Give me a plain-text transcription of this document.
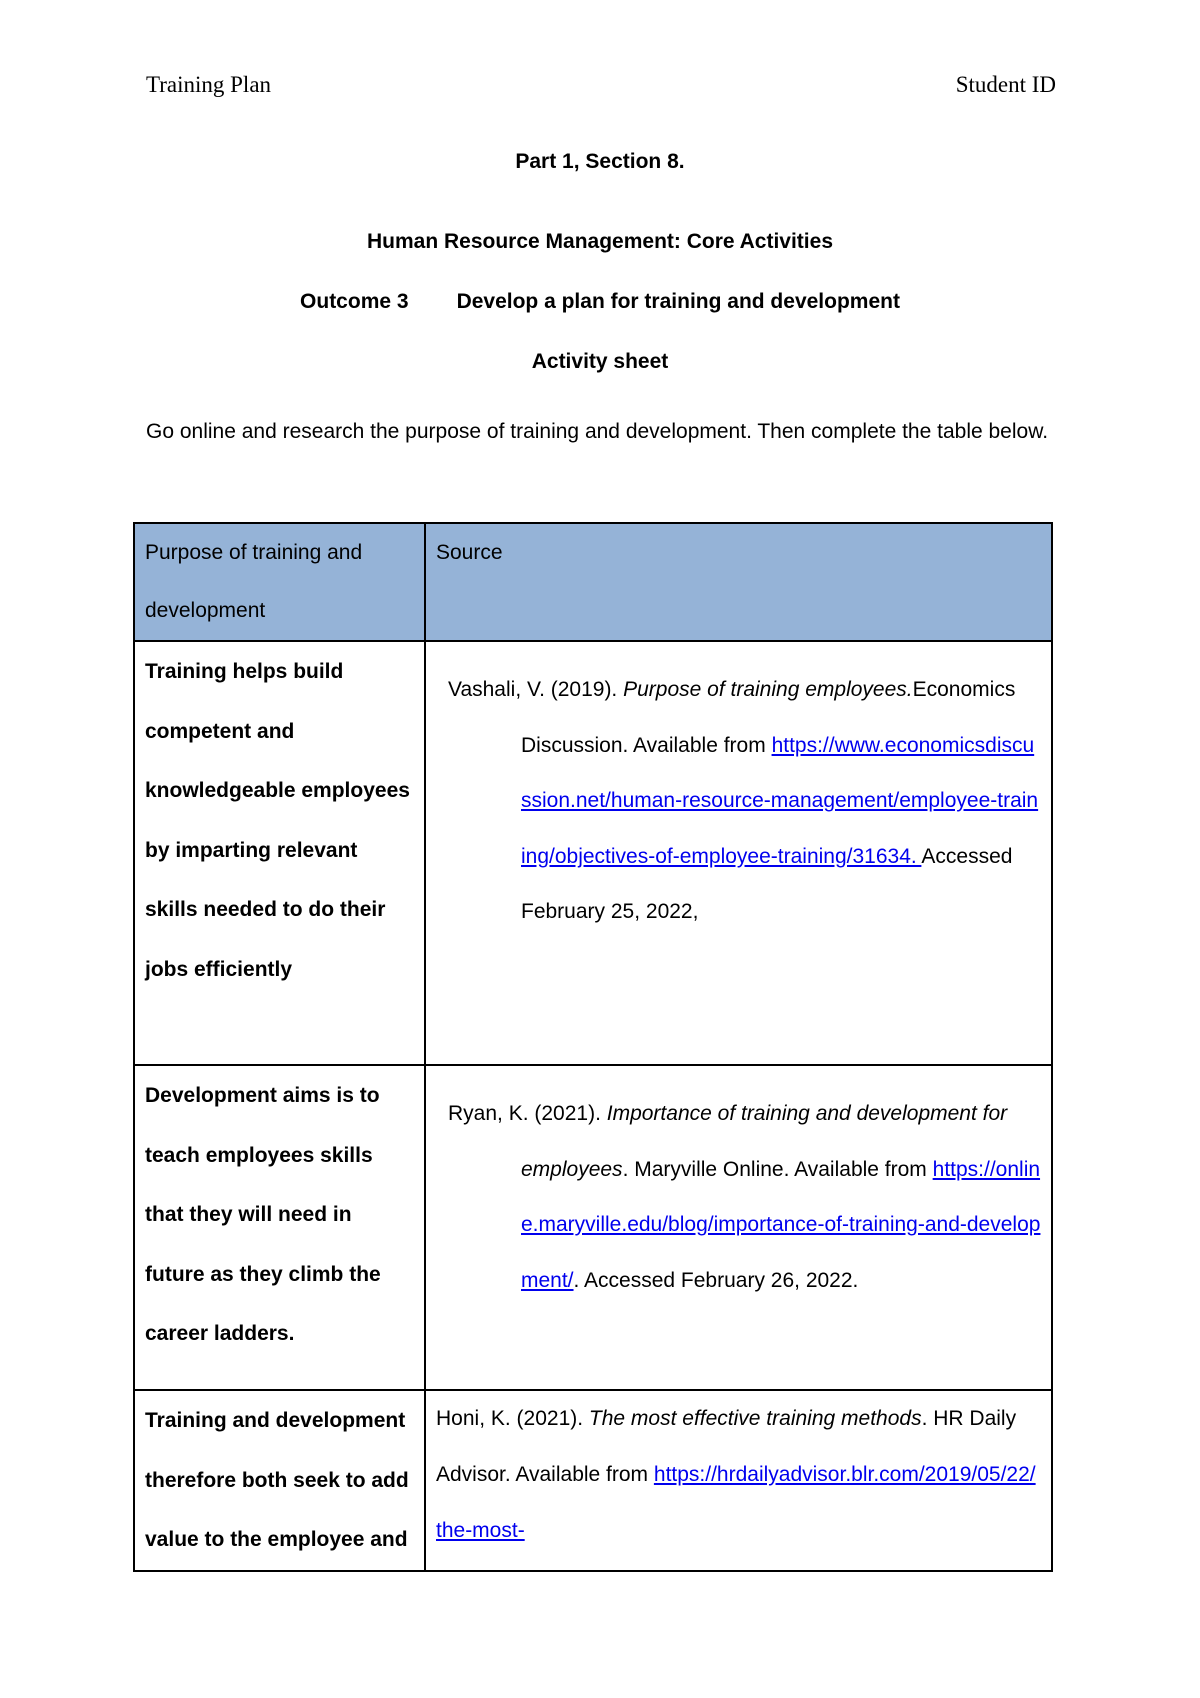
Training Plan	Student ID
Part 1, Section 8.
Human Resource Management: Core Activities
Outcome 3 Develop a plan for training and development
Activity sheet
Go online and research the purpose of training and development. Then complete the table below.
Purpose of training and development	Source
Training helps build competent and knowledgeable employees by imparting relevant skills needed to do their jobs efficiently	Vashali, V. (2019). Purpose of training employees.Economics Discussion. Available from https://www.economicsdiscussion.net/human-resource-management/employee-training/objectives-of-employee-training/31634. Accessed February 25, 2022,

Development aims is to teach employees skills that they will need in future as they climb the career ladders.	Ryan, K. (2021). Importance of training and development for employees. Maryville Online. Available from https://online.maryville.edu/blog/importance-of-training-and-development/. Accessed February 26, 2022.

Training and development therefore both seek to add value to the employee and	Honi, K. (2021). The most effective training methods. HR Daily Advisor. Available from https://hrdailyadvisor.blr.com/2019/05/22/the-most-
